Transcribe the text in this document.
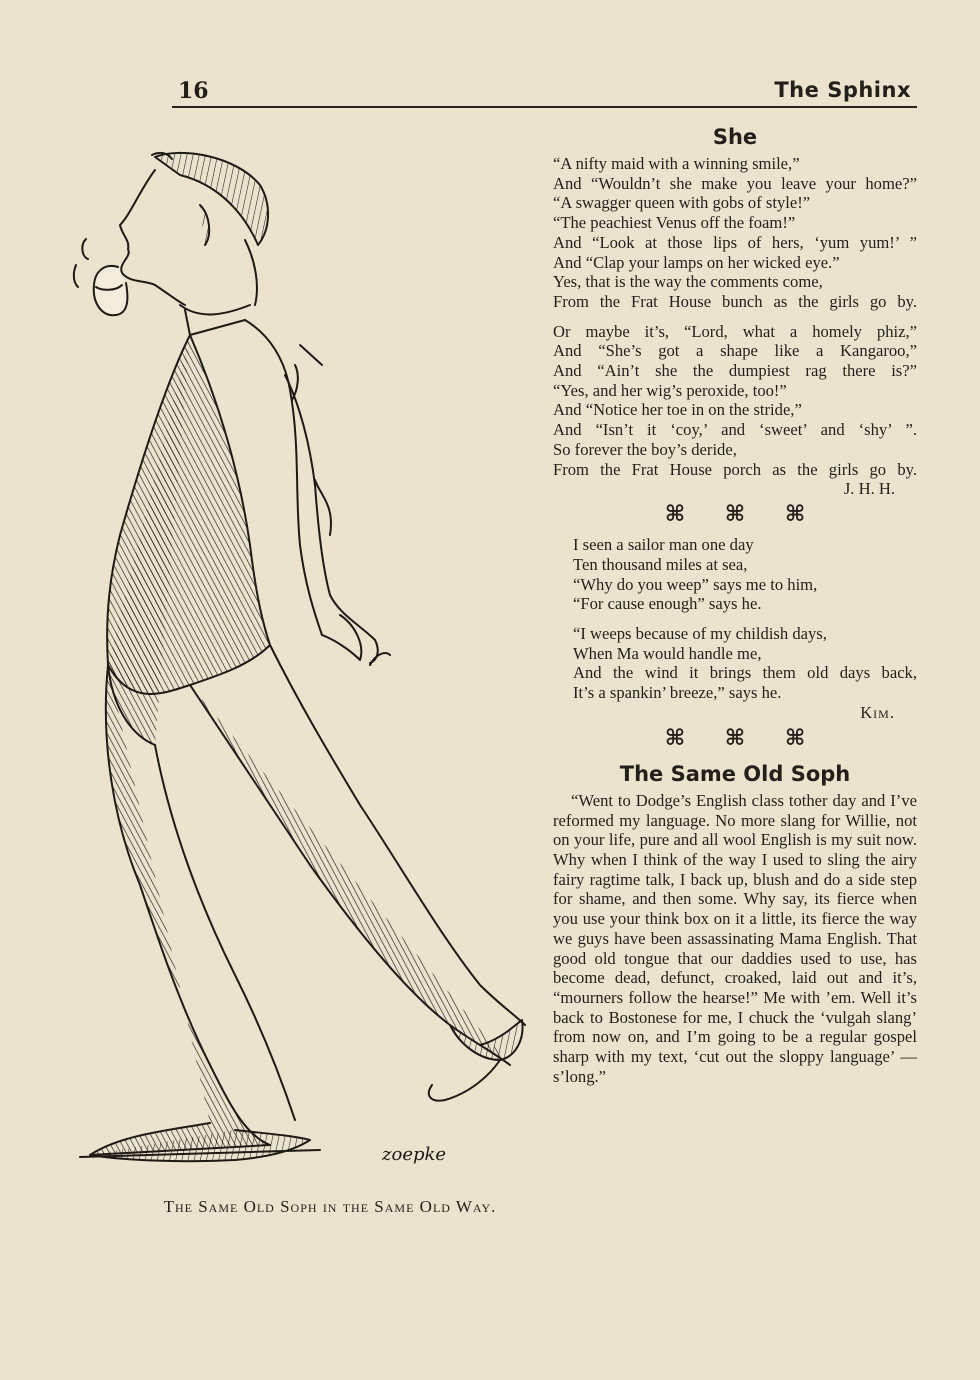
16	The Sphinx
zoepke
The Same Old Soph in the Same Old Way.
She
“A nifty maid with a winning smile,”
And “Wouldn’t she make you leave your home?”
“A swagger queen with gobs of style!”
“The peachiest Venus off the foam!”
And “Look at those lips of hers, ‘yum yum!’ ”
And “Clap your lamps on her wicked eye.”
Yes, that is the way the comments come,
From the Frat House bunch as the girls go by.
Or maybe it’s, “Lord, what a homely phiz,”
And “She’s got a shape like a Kangaroo,”
And “Ain’t she the dumpiest rag there is?”
“Yes, and her wig’s peroxide, too!”
And “Notice her toe in on the stride,”
And “Isn’t it ‘coy,’ and ‘sweet’ and ‘shy’ ”.
So forever the boy’s deride,
From the Frat House porch as the girls go by.
J. H. H.
⌘ ⌘ ⌘
I seen a sailor man one day
Ten thousand miles at sea,
“Why do you weep” says me to him,
“For cause enough” says he.
“I weeps because of my childish days,
When Ma would handle me,
And the wind it brings them old days back,
It’s a spankin’ breeze,” says he.
Kim.
⌘ ⌘ ⌘
The Same Old Soph

“Went to Dodge’s English class tother day and I’ve reformed my language. No more slang for Willie, not on your life, pure and all wool English is my suit now. Why when I think of the way I used to sling the airy fairy ragtime talk, I back up, blush and do a side step for shame, and then some. Why say, its fierce when you use your think box on it a little, its fierce the way we guys have been assassinating Mama English. That good old tongue that our daddies used to use, has become dead, defunct, croaked, laid out and it’s, “mourners follow the hearse!” Me with ’em. Well it’s back to Bostonese for me, I chuck the ‘vulgah slang’ from now on, and I’m going to be a regular gospel sharp with my text, ‘cut out the sloppy language’ —s’long.”
